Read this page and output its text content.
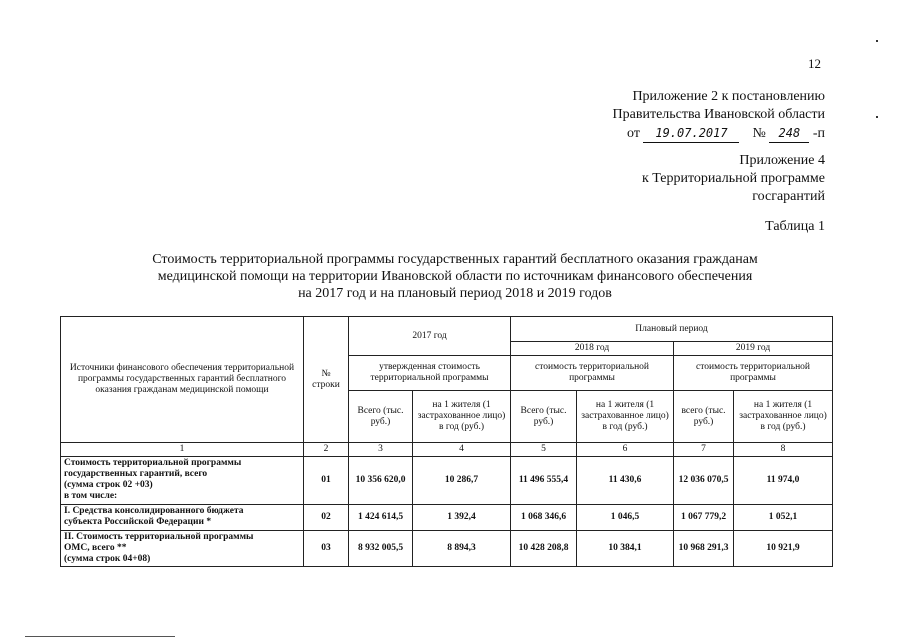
12
Приложение 2 к постановлению
Правительства Ивановской области
от 19.07.2017 № 248 -п
Приложение 4
к Территориальной программе
госгарантий
Таблица 1
Стоимость территориальной программы государственных гарантий бесплатного оказания гражданам
медицинской помощи на территории Ивановской области по источникам финансового обеспечения
на 2017 год и на плановый период 2018 и 2019 годов
Источники финансового обеспечения территориальной программы государственных гарантий бесплатного оказания гражданам медицинской помощи	№ строки	2017 год		Плановый период			
				2018 год		2019 год	
		утвержденная стоимость территориальной программы		стоимость территориальной программы		стоимость территориальной программы	
		Всего (тыс. руб.)	на 1 жителя (1 застрахованное лицо) в год (руб.)	Всего (тыс. руб.)	на 1 жителя (1 застрахованное лицо) в год (руб.)	всего (тыс. руб.)	на 1 жителя (1 застрахованное лицо) в год (руб.)
1	2	3	4	5	6	7	8

Стоимость территориальной программы
государственных гарантий, всего
(сумма строк 02 +03)
в том числе:	01	10 356 620,0	10 286,7	11 496 555,4	11 430,6	12 036 070,5	11 974,0

I. Средства консолидированного бюджета
субъекта Российской Федерации *	02	1 424 614,5	1 392,4	1 068 346,6	1 046,5	1 067 779,2	1 052,1

II. Стоимость территориальной программы
ОМС, всего **
(сумма строк 04+08)	03	8 932 005,5	8 894,3	10 428 208,8	10 384,1	10 968 291,3	10 921,9
